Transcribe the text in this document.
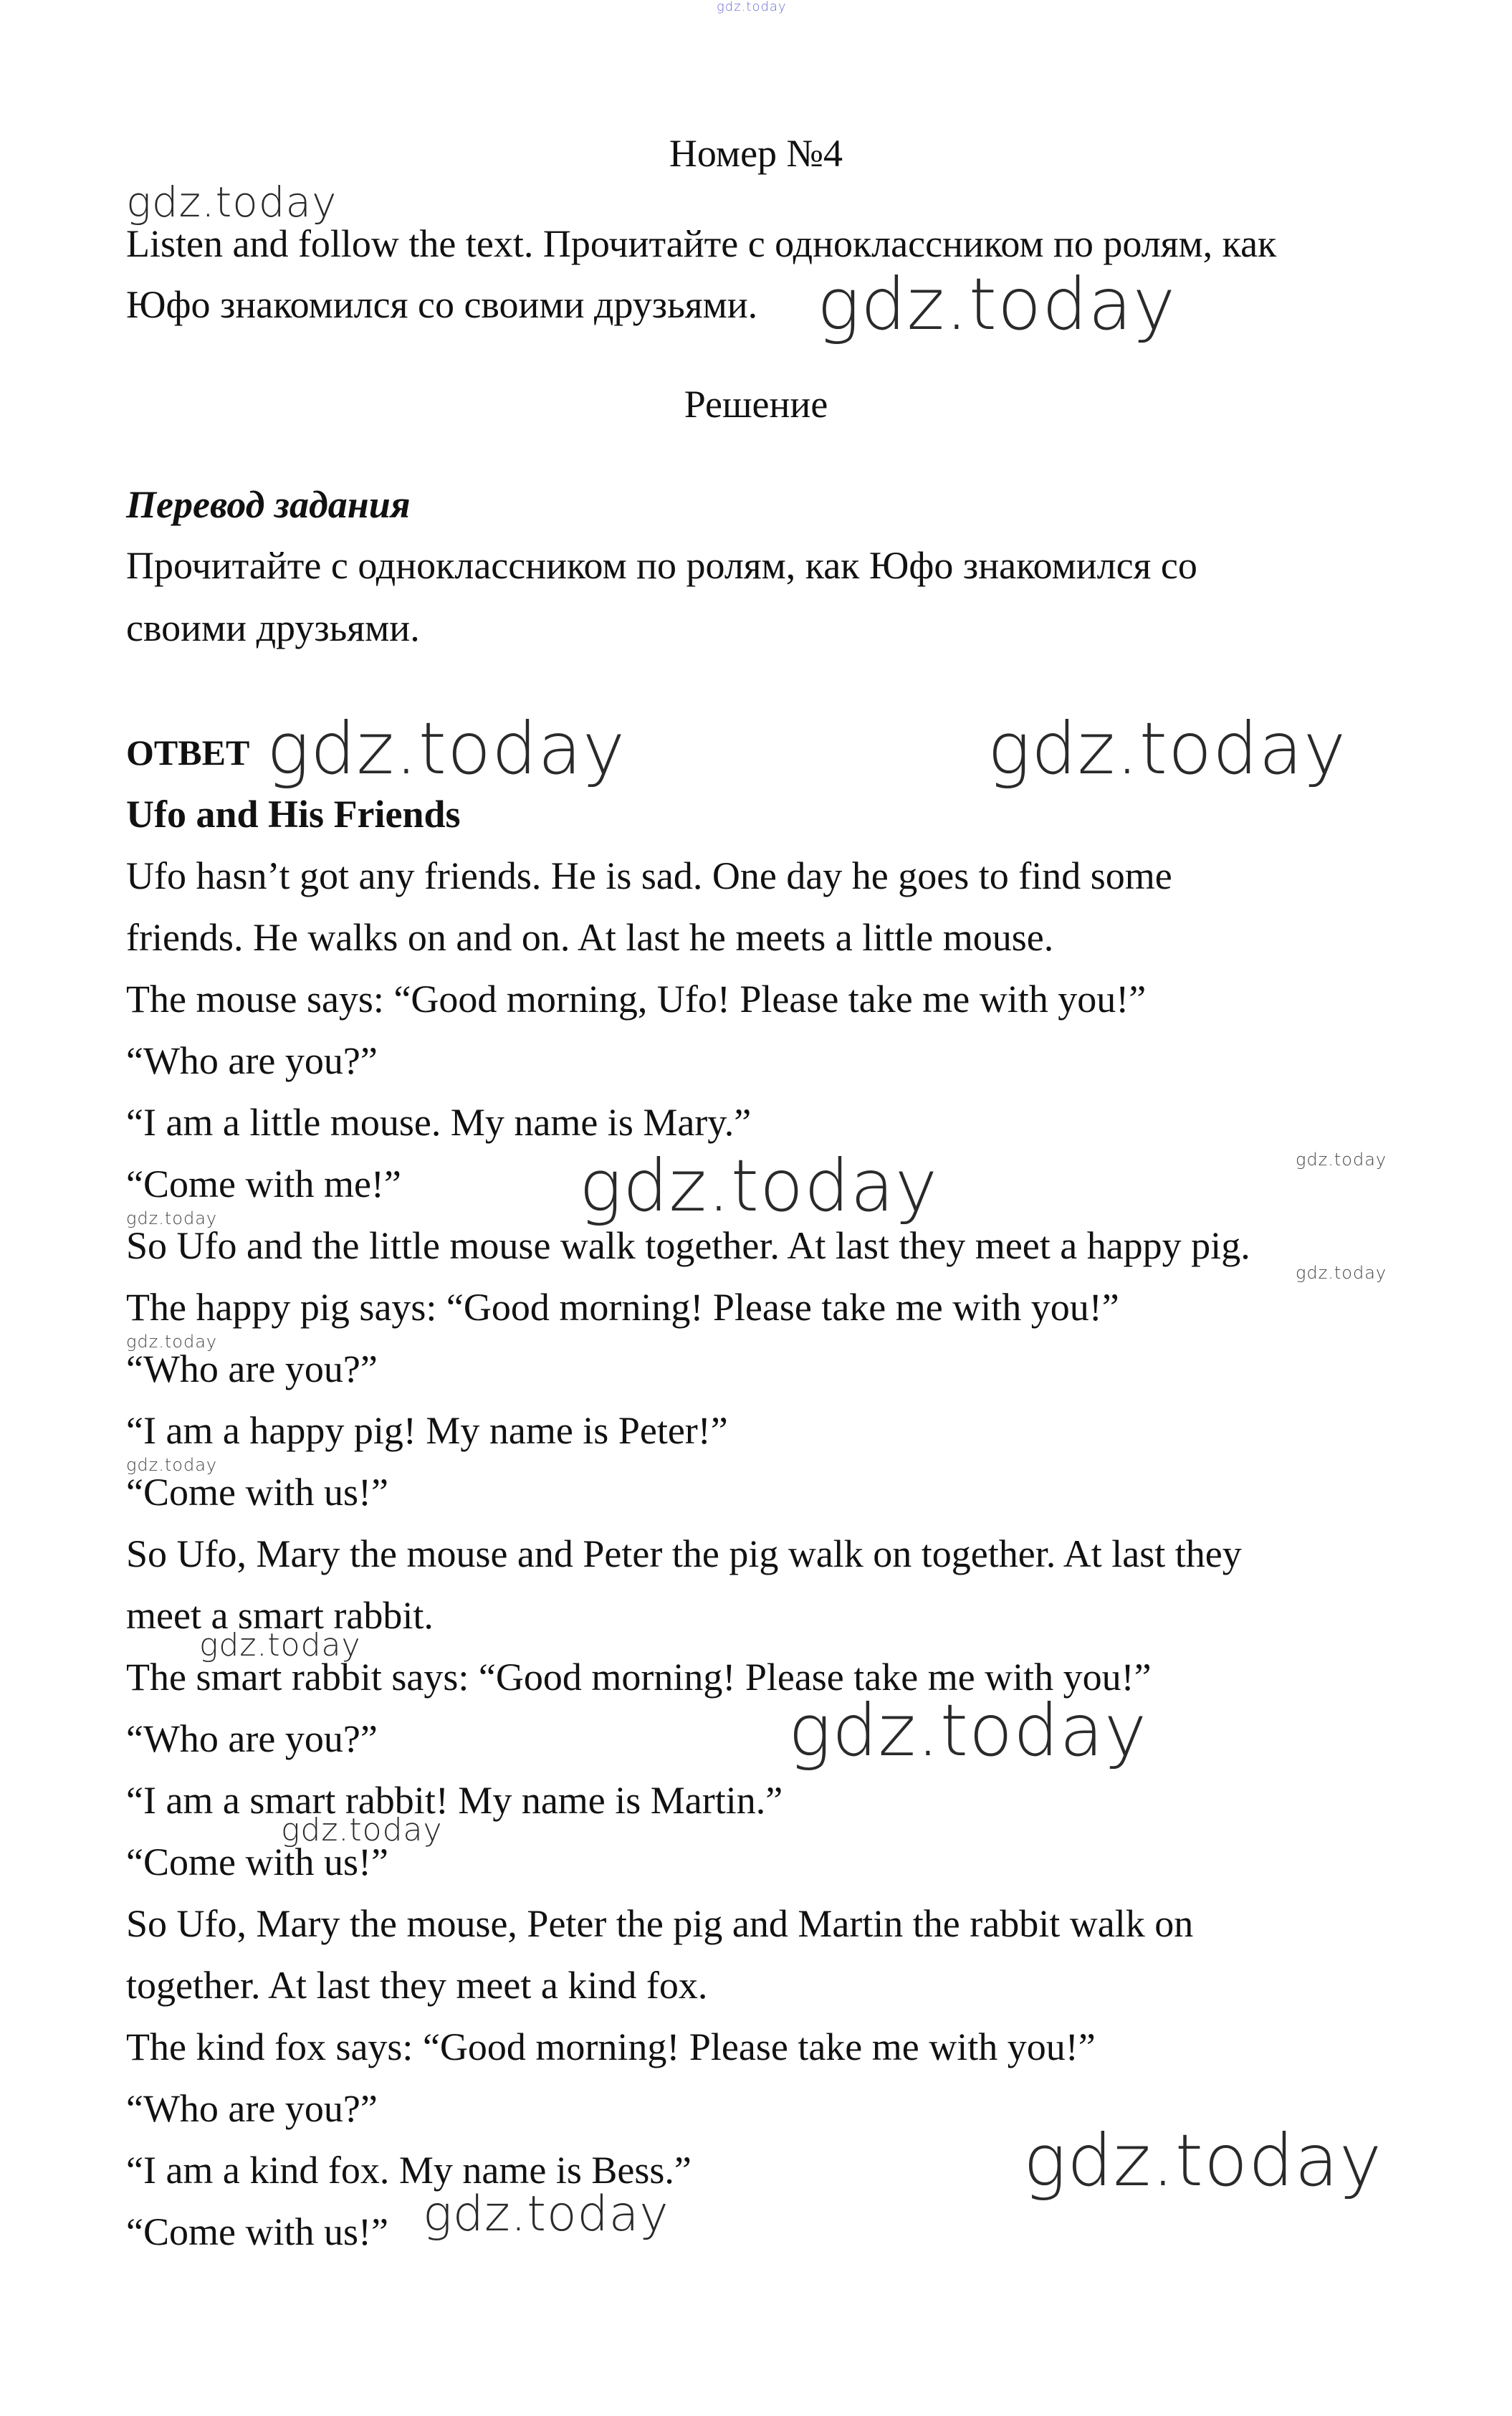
gdz.today
Номер №4
gdz.today
Listen and follow the text. Прочитайте с одноклассником по ролям, как
Юфо знакомился со своими друзьями. gdz.today
Решение
Перевод задания
Прочитайте с одноклассником по ролям, как Юфо знакомился со
своими друзьями.
ОТВЕТ gdz.today	gdz.today
Ufo and His Friends
Ufo hasn’t got any friends. He is sad. One day he goes to find some
friends. He walks on and on. At last he meets a little mouse.
The mouse says: “Good morning, Ufo! Please take me with you!”
“Who are you?”
“I am a little mouse. My name is Mary.”
“Come with me!” gdz.today	gdz.today
gdz.today
So Ufo and the little mouse walk together. At last they meet a happy pig.
gdz.today
The happy pig says: “Good morning! Please take me with you!”
gdz.today
“Who are you?”
“I am a happy pig! My name is Peter!”
gdz.today
“Come with us!”
So Ufo, Mary the mouse and Peter the pig walk on together. At last they
meet a smart rabbit.
gdz.today
The smart rabbit says: “Good morning! Please take me with you!”
“Who are you?”	gdz.today
“I am a smart rabbit! My name is Martin.”
gdz.today
“Come with us!”
So Ufo, Mary the mouse, Peter the pig and Martin the rabbit walk on
together. At last they meet a kind fox.
The kind fox says: “Good morning! Please take me with you!”
“Who are you?”
“I am a kind fox. My name is Bess.”	gdz.today
“Come with us!” gdz.today
